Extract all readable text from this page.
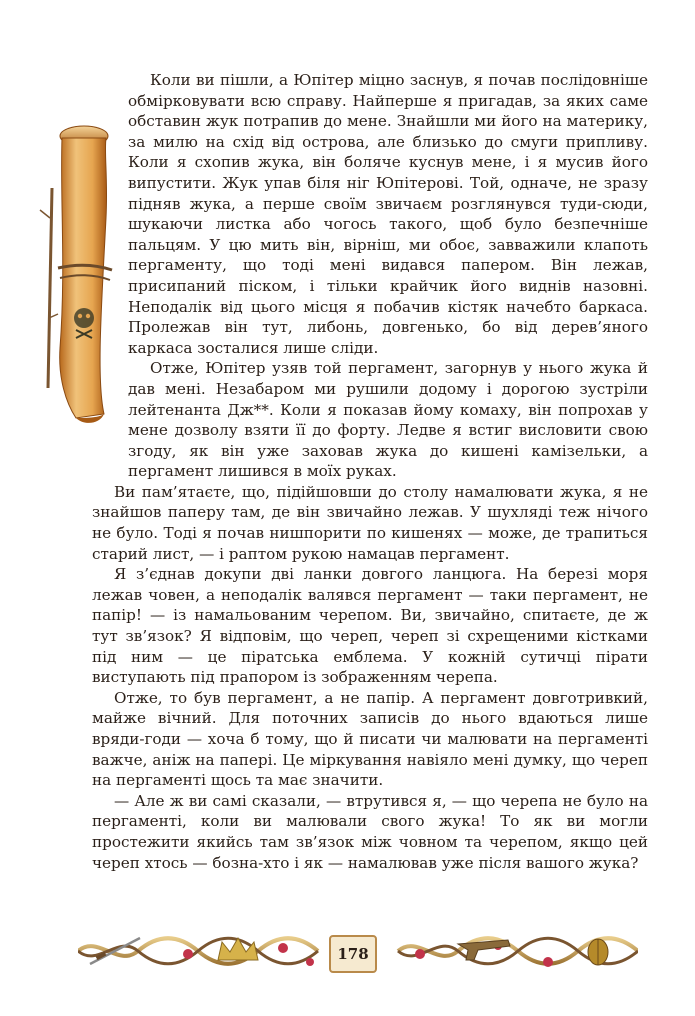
Коли ви пішли, а Юпітер міцно заснув, я почав послідовніше обмірковувати всю справу. Найперше я пригадав, за яких саме обставин жук потрапив до мене. Знайшли ми його на материку, за милю на схід від острова, але близько до смуги припливу. Коли я схопив жука, він боляче куснув мене, і я мусив його випустити. Жук упав біля ніг Юпітерові. Той, одначе, не зразу підняв жука, а перше своїм звичаєм розглянувся туди-сюди, шукаючи листка або чогось такого, щоб було безпечніше пальцям. У цю мить він, вірніш, ми обоє, завважили клапоть пергаменту, що тоді мені видався папером. Він лежав, присипаний піском, і тільки крайчик його виднів назовні. Неподалік від цього місця я побачив кістяк начебто баркаса. Пролежав він тут, либонь, довгенько, бо від дерев’яного каркаса зосталися лише сліди.

Отже, Юпітер узяв той пергамент, загорнув у нього жука й дав мені. Незабаром ми рушили додому і дорогою зустріли лейтенанта Дж**. Коли я показав йому комаху, він попрохав у мене дозволу взяти її до форту. Ледве я встиг висловити свою згоду, як він уже заховав жука до кишені камізельки, а пергамент лишився в моїх руках.

Ви пам’ятаєте, що, підійшовши до столу намалювати жука, я не знайшов паперу там, де він звичайно лежав. У шухляді теж нічого не було. Тоді я почав нишпорити по кишенях — може, де трапиться старий лист, — і раптом рукою намацав пергамент.

Я з’єднав докупи дві ланки довгого ланцюга. На березі моря лежав човен, а неподалік валявся пергамент — таки пергамент, не папір! — із намальованим черепом. Ви, звичайно, спитаєте, де ж тут зв’язок? Я відповім, що череп, череп зі схрещеними кістками під ним — це піратська емблема. У кожній сутичці пірати виступають під прапором із зображенням черепа.

Отже, то був пергамент, а не папір. А пергамент довготривкий, майже вічний. Для поточних записів до нього вдаються лише вряди-годи — хоча б тому, що й писати чи малювати на пергаменті важче, аніж на папері. Це міркування навіяло мені думку, що череп на пергаменті щось та має значити.

— Але ж ви самі сказали, — втрутився я, — що черепа не було на пергаменті, коли ви малювали свого жука! То як ви могли простежити якийсь там зв’язок між човном та черепом, якщо цей череп хтось — бозна-хто і як — намалював уже після вашого жука?

178
